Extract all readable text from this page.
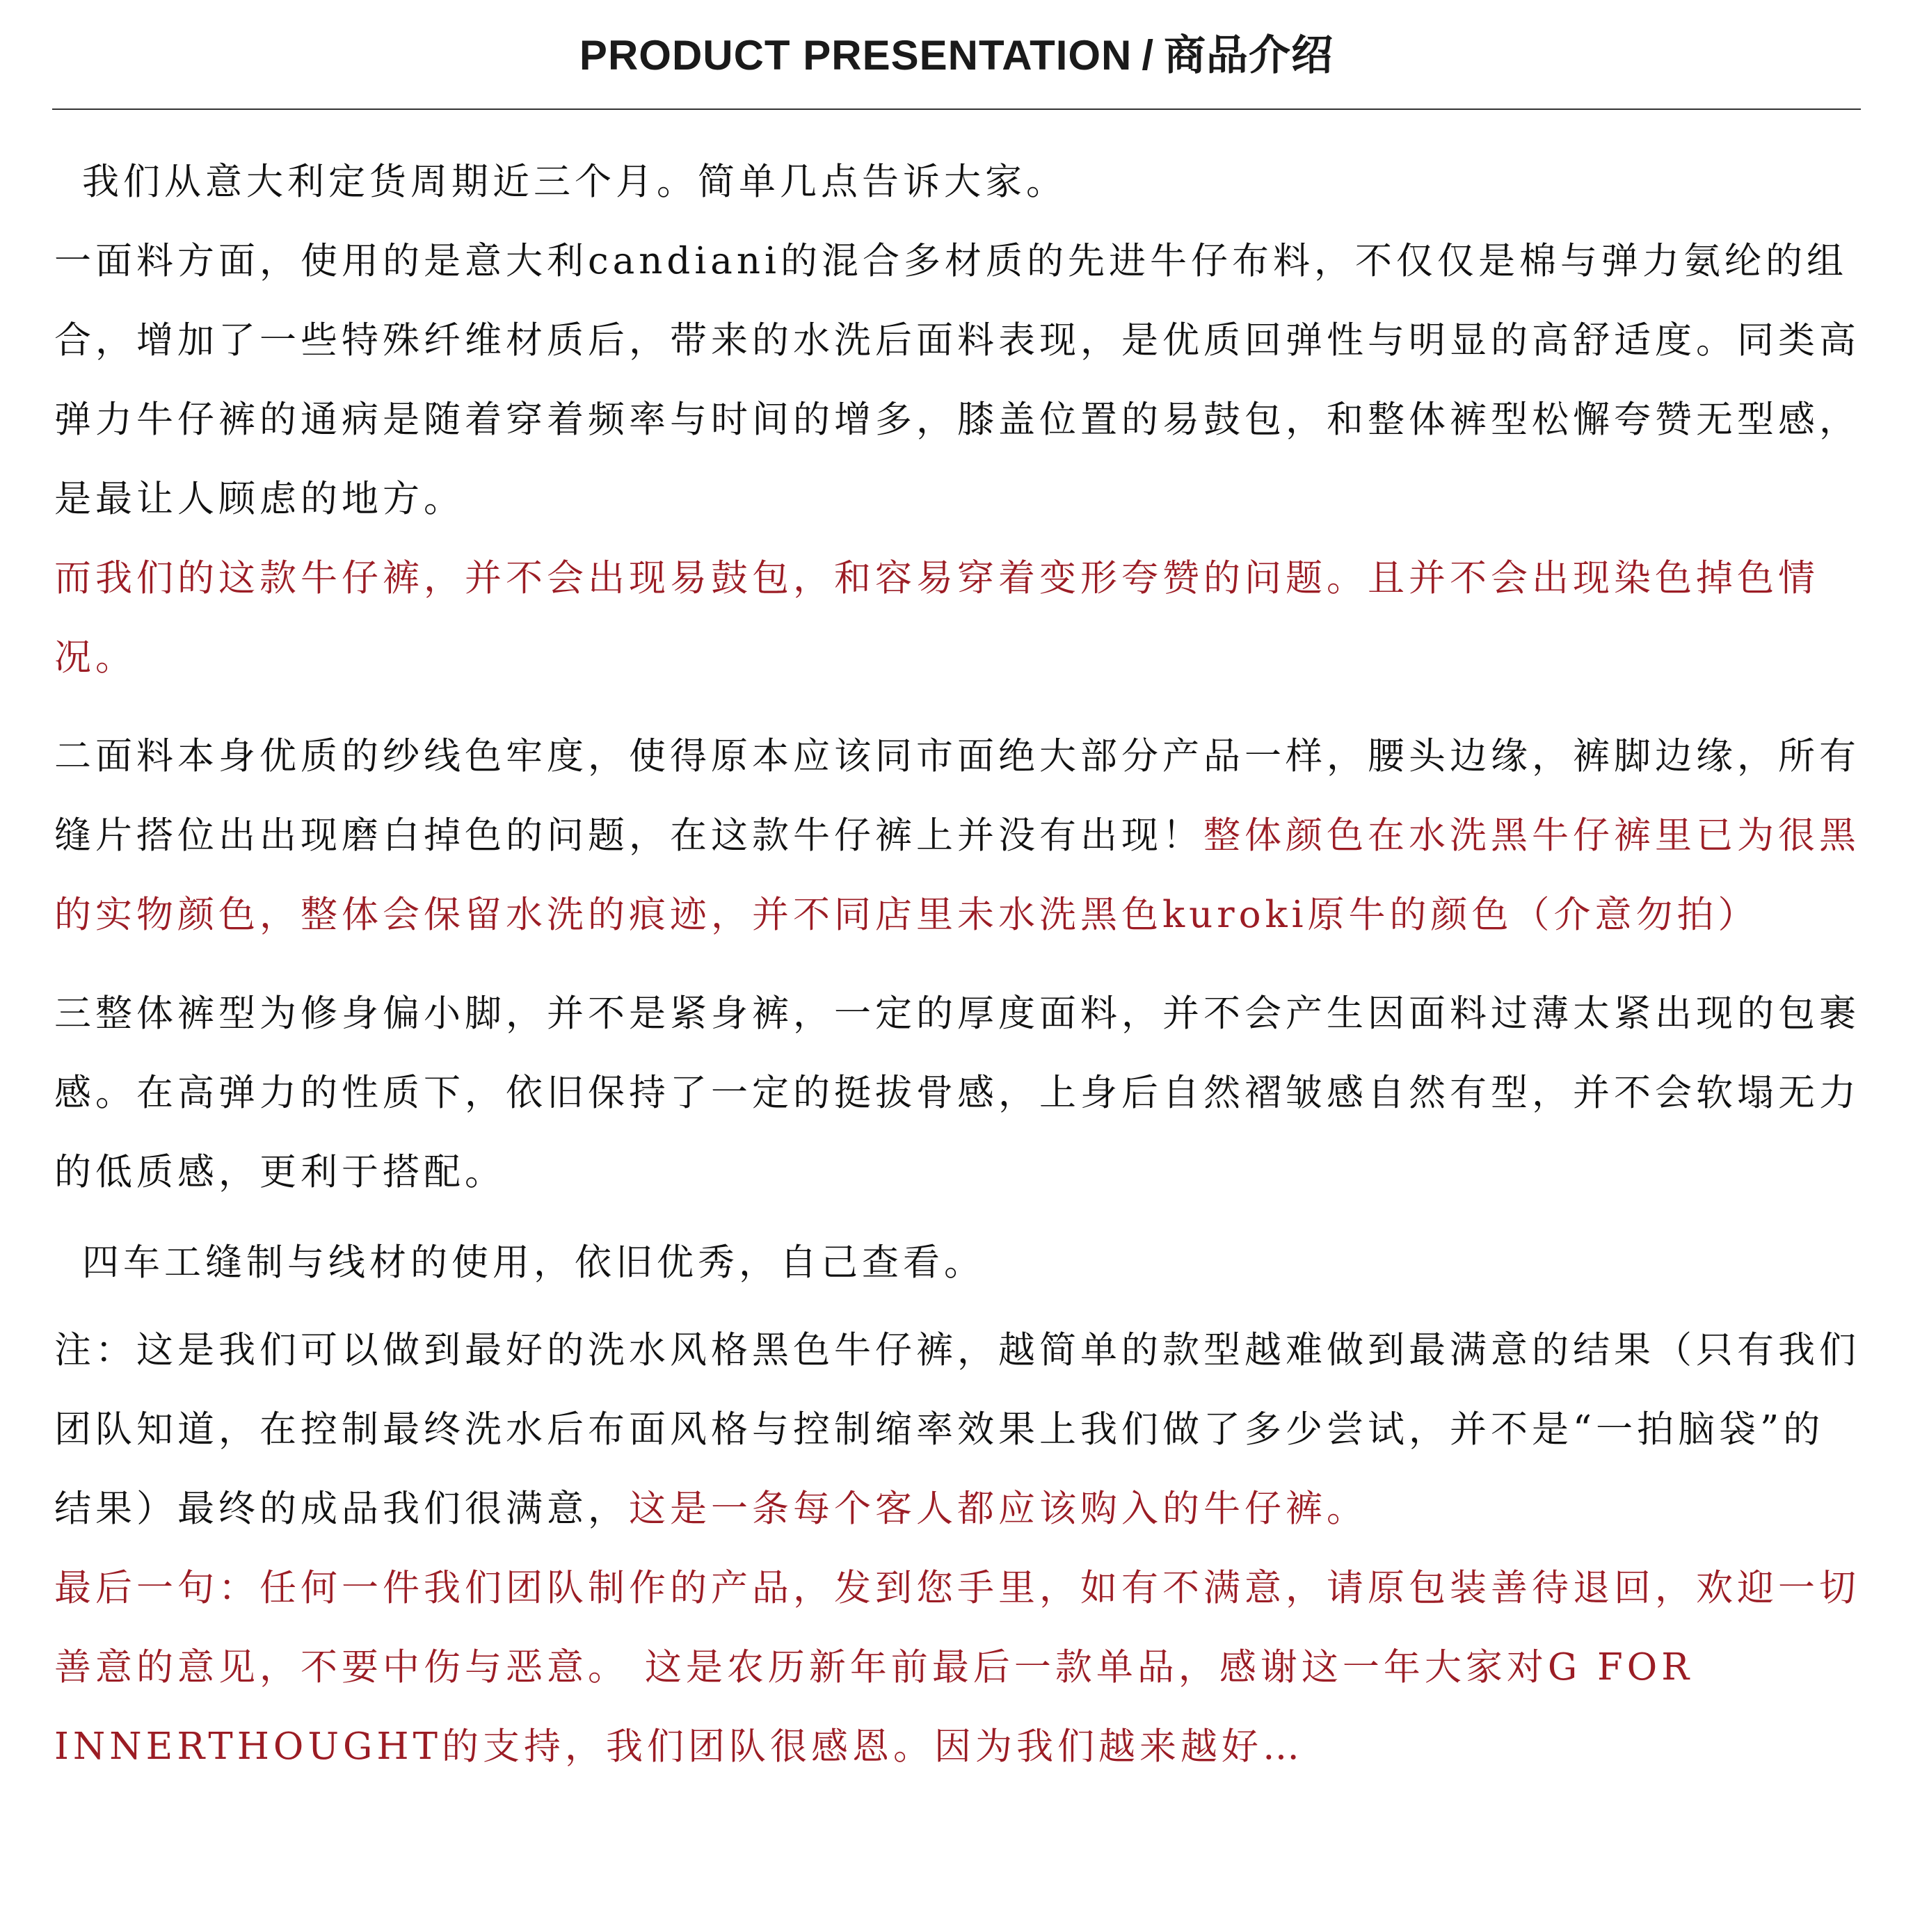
PRODUCT PRESENTATION / 商品介绍

我们从意大利定货周期近三个月。简单几点告诉大家。

一面料方面，使用的是意大利candiani的混合多材质的先进牛仔布料，不仅仅是棉与弹力氨纶的组合，增加了一些特殊纤维材质后，带来的水洗后面料表现，是优质回弹性与明显的高舒适度。同类高弹力牛仔裤的通病是随着穿着频率与时间的增多，膝盖位置的易鼓包，和整体裤型松懈夸赞无型感，是最让人顾虑的地方。
而我们的这款牛仔裤，并不会出现易鼓包，和容易穿着变形夸赞的问题。且并不会出现染色掉色情况。

二面料本身优质的纱线色牢度，使得原本应该同市面绝大部分产品一样，腰头边缘，裤脚边缘，所有缝片搭位出出现磨白掉色的问题，在这款牛仔裤上并没有出现！整体颜色在水洗黑牛仔裤里已为很黑的实物颜色，整体会保留水洗的痕迹，并不同店里未水洗黑色kuroki原牛的颜色（介意勿拍）

三整体裤型为修身偏小脚，并不是紧身裤，一定的厚度面料，并不会产生因面料过薄太紧出现的包裹感。在高弹力的性质下，依旧保持了一定的挺拔骨感，上身后自然褶皱感自然有型，并不会软塌无力的低质感，更利于搭配。

四车工缝制与线材的使用，依旧优秀，自己查看。

注：这是我们可以做到最好的洗水风格黑色牛仔裤，越简单的款型越难做到最满意的结果（只有我们团队知道，在控制最终洗水后布面风格与控制缩率效果上我们做了多少尝试，并不是“一拍脑袋”的结果）最终的成品我们很满意，这是一条每个客人都应该购入的牛仔裤。
最后一句：任何一件我们团队制作的产品，发到您手里，如有不满意，请原包装善待退回，欢迎一切善意的意见，不要中伤与恶意。 这是农历新年前最后一款单品，感谢这一年大家对G FOR INNERTHOUGHT的支持，我们团队很感恩。因为我们越来越好…
